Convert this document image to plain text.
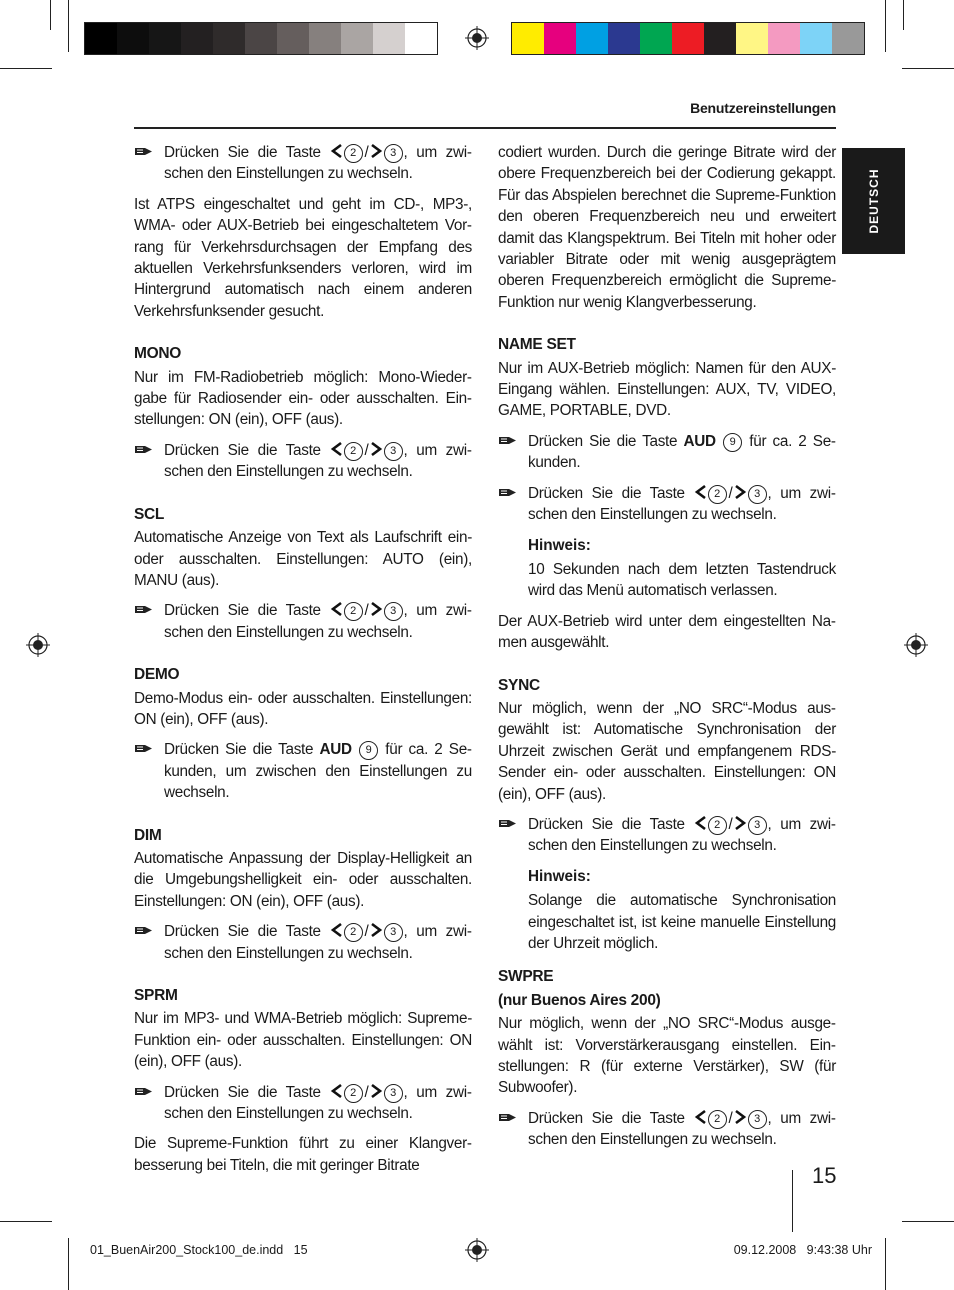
Benutzereinstellungen
DEUTSCH
Drücken Sie die Taste	2 / 3 , um zwischen den Einstellungen zu wechseln.

Ist ATPS eingeschaltet und geht im CD-, MP3-, WMA- oder AUX-Betrieb bei eingeschaltetem Vorrang für Verkehrsdurchsagen der Empfang des aktuellen Verkehrsfunksenders verloren, wird im Hintergrund automatisch nach einem anderen Verkehrsfunksender gesucht.

MONO

Nur im FM-Radiobetrieb möglich: Mono-Wiedergabe für Radiosender ein- oder ausschalten. Einstellungen: ON (ein), OFF (aus).

Drücken Sie die Taste	2 / 3 , um zwischen den Einstellungen zu wechseln.
SCL

Automatische Anzeige von Text als Laufschrift ein- oder ausschalten. Einstellungen: AUTO (ein), MANU (aus).

Drücken Sie die Taste	2 / 3 , um zwischen den Einstellungen zu wechseln.
DEMO

Demo-Modus ein- oder ausschalten. Einstellungen: ON (ein), OFF (aus).

Drücken Sie die Taste AUD 9 für ca. 2 Sekunden, um zwischen den Einstellungen zu wechseln.
DIM

Automatische Anpassung der Display-Helligkeit an die Umgebungshelligkeit ein- oder ausschalten. Einstellungen: ON (ein), OFF (aus).

Drücken Sie die Taste	2 / 3 , um zwischen den Einstellungen zu wechseln.
SPRM

Nur im MP3- und WMA-Betrieb möglich: Supreme-Funktion ein- oder ausschalten. Einstellungen: ON (ein), OFF (aus).

Drücken Sie die Taste	2 / 3 , um zwischen den Einstellungen zu wechseln.

Die Supreme-Funktion führt zu einer Klangverbesserung bei Titeln, die mit geringer Bitrate

codiert wurden. Durch die geringe Bitrate wird der obere Frequenzbereich bei der Codierung gekappt. Für das Abspielen berechnet die Supreme-Funktion den oberen Frequenzbereich neu und erweitert damit das Klangspektrum. Bei Titeln mit hoher oder variabler Bitrate oder mit wenig ausgeprägtem oberen Frequenzbereich ermöglicht die Supreme-Funktion nur wenig Klangverbesserung.

NAME SET

Nur im AUX-Betrieb möglich: Namen für den AUX-Eingang wählen. Einstellungen: AUX, TV, VIDEO, GAME, PORTABLE, DVD.

Drücken Sie die Taste AUD 9 für ca. 2 Sekunden.
Drücken Sie die Taste	2 / 3 , um zwischen den Einstellungen zu wechseln.
Hinweis:
10 Sekunden nach dem letzten Tastendruck wird das Menü automatisch verlassen.

Der AUX-Betrieb wird unter dem eingestellten Namen ausgewählt.

SYNC

Nur möglich, wenn der „NO SRC“-Modus ausgewählt ist: Automatische Synchronisation der Uhrzeit zwischen Gerät und empfangenem RDS-Sender ein- oder ausschalten. Einstellungen: ON (ein), OFF (aus).

Drücken Sie die Taste	2 / 3 , um zwischen den Einstellungen zu wechseln.
Hinweis:
Solange die automatische Synchronisation eingeschaltet ist, ist keine manuelle Einstellung der Uhrzeit möglich.
SWPRE
(nur Buenos Aires 200)

Nur möglich, wenn der „NO SRC“-Modus ausgewählt ist: Vorverstärkerausgang einstellen. Einstellungen: R (für externe Verstärker), SW (für Subwoofer).

Drücken Sie die Taste	2 / 3 , um zwischen den Einstellungen zu wechseln.
15
01_BuenAir200_Stock100_de.indd   15	09.12.2008   9:43:38 Uhr
